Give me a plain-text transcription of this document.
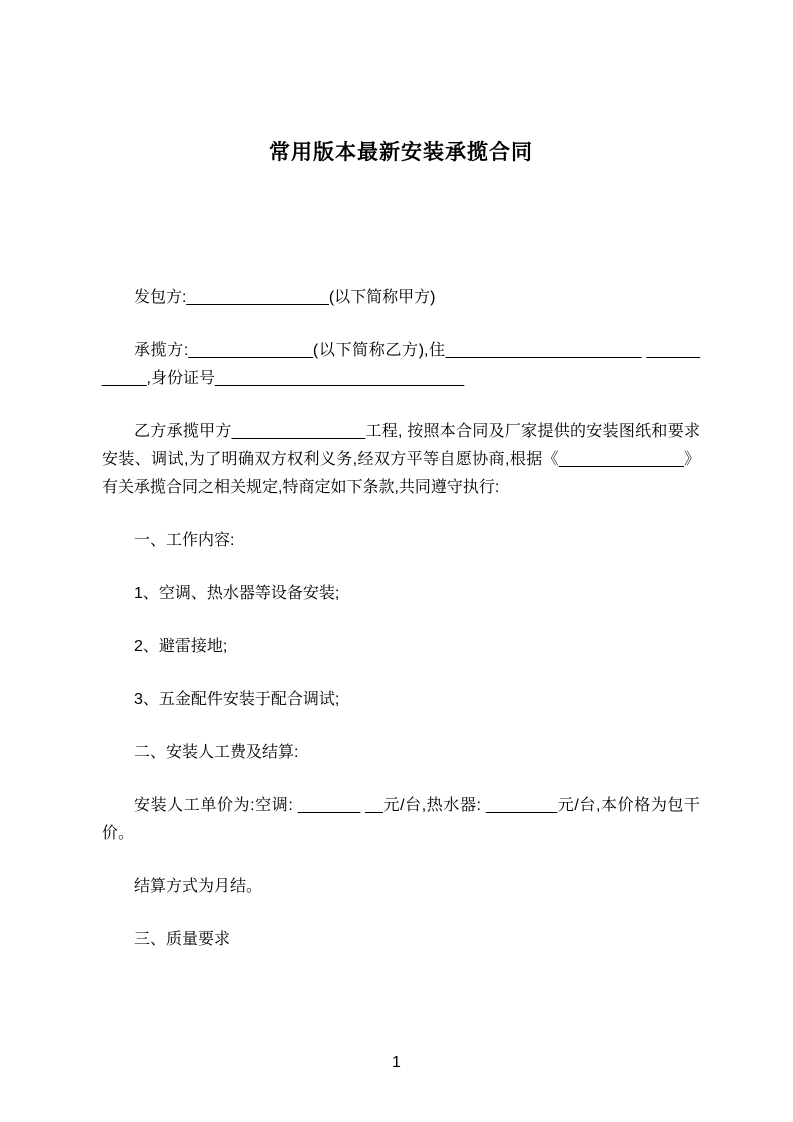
常用版本最新安装承揽合同

发包方:________________(以下简称甲方)

承揽方:______________(以下简称乙方),住______________________ ___________,身份证号____________________________

乙方承揽甲方_______________工程, 按照本合同及厂家提供的安装图纸和要求安装、调试,为了明确双方权利义务,经双方平等自愿协商,根据《______________》有关承揽合同之相关规定,特商定如下条款,共同遵守执行:

一、工作内容:

1、空调、热水器等设备安装;

2、避雷接地;

3、五金配件安装于配合调试;

二、安装人工费及结算:

安装人工单价为:空调: _______ __元/台,热水器: ________元/台,本价格为包干价。

结算方式为月结。

三、质量要求

1
